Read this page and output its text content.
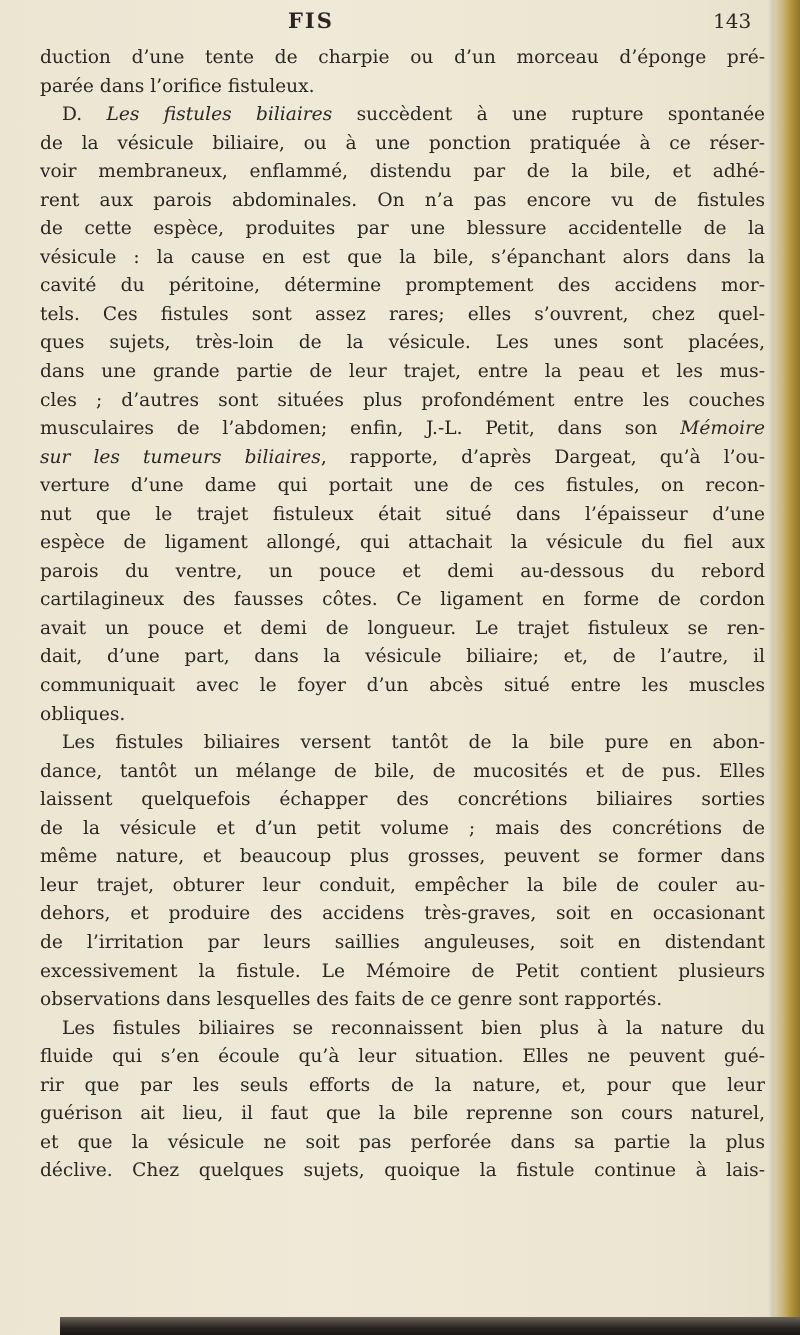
FIS	143
duction d’une tente de charpie ou d’un morceau d’éponge pré-
parée dans l’orifice fistuleux.
D. Les fistules biliaires succèdent à une rupture spontanée
de la vésicule biliaire, ou à une ponction pratiquée à ce réser-
voir membraneux, enflammé, distendu par de la bile, et adhé-
rent aux parois abdominales. On n’a pas encore vu de fistules
de cette espèce, produites par une blessure accidentelle de la
vésicule : la cause en est que la bile, s’épanchant alors dans la
cavité du péritoine, détermine promptement des accidens mor-
tels. Ces fistules sont assez rares; elles s’ouvrent, chez quel-
ques sujets, très-loin de la vésicule. Les unes sont placées,
dans une grande partie de leur trajet, entre la peau et les mus-
cles ; d’autres sont situées plus profondément entre les couches
musculaires de l’abdomen; enfin, J.-L. Petit, dans son Mémoire
sur les tumeurs biliaires, rapporte, d’après Dargeat, qu’à l’ou-
verture d’une dame qui portait une de ces fistules, on recon-
nut que le trajet fistuleux était situé dans l’épaisseur d’une
espèce de ligament allongé, qui attachait la vésicule du fiel aux
parois du ventre, un pouce et demi au-dessous du rebord
cartilagineux des fausses côtes. Ce ligament en forme de cordon
avait un pouce et demi de longueur. Le trajet fistuleux se ren-
dait, d’une part, dans la vésicule biliaire; et, de l’autre, il
communiquait avec le foyer d’un abcès situé entre les muscles
obliques.
Les fistules biliaires versent tantôt de la bile pure en abon-
dance, tantôt un mélange de bile, de mucosités et de pus. Elles
laissent quelquefois échapper des concrétions biliaires sorties
de la vésicule et d’un petit volume ; mais des concrétions de
même nature, et beaucoup plus grosses, peuvent se former dans
leur trajet, obturer leur conduit, empêcher la bile de couler au-
dehors, et produire des accidens très-graves, soit en occasionant
de l’irritation par leurs saillies anguleuses, soit en distendant
excessivement la fistule. Le Mémoire de Petit contient plusieurs
observations dans lesquelles des faits de ce genre sont rapportés.
Les fistules biliaires se reconnaissent bien plus à la nature du
fluide qui s’en écoule qu’à leur situation. Elles ne peuvent gué-
rir que par les seuls efforts de la nature, et, pour que leur
guérison ait lieu, il faut que la bile reprenne son cours naturel,
et que la vésicule ne soit pas perforée dans sa partie la plus
déclive. Chez quelques sujets, quoique la fistule continue à lais-
